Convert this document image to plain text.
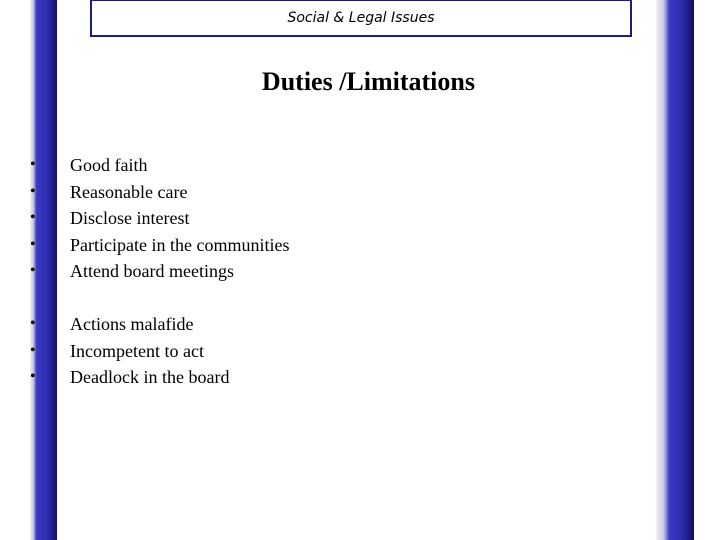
Social & Legal Issues
Duties /Limitations
• Good faith
• Reasonable care
• Disclose interest
• Participate in the communities
• Attend board meetings
• Actions malafide
• Incompetent to act
• Deadlock in the board
